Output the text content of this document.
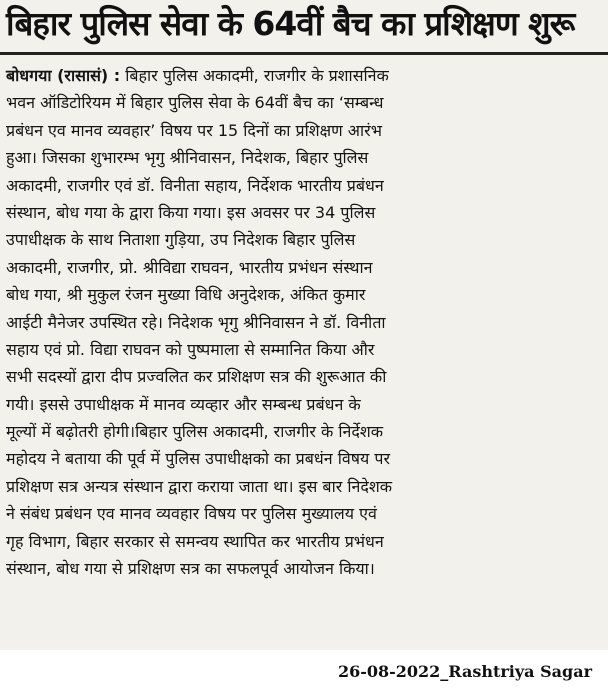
बिहार पुलिस सेवा के 64वीं बैच का प्रशिक्षण शुरू
बोधगया (रासासं) : बिहार पुलिस अकादमी, राजगीर के प्रशासनिक
भवन ऑडिटोरियम में बिहार पुलिस सेवा के 64वीं बैच का ‘सम्बन्ध
प्रबंधन एव मानव व्यवहार’ विषय पर 15 दिनों का प्रशिक्षण आरंभ
हुआ। जिसका शुभारम्भ भृगु श्रीनिवासन, निदेशक, बिहार पुलिस
अकादमी, राजगीर एवं डॉ. विनीता सहाय, निर्देशक भारतीय प्रबंधन
संस्थान, बोध गया के द्वारा किया गया। इस अवसर पर 34 पुलिस
उपाधीक्षक के साथ निताशा गुड़िया, उप निदेशक बिहार पुलिस
अकादमी, राजगीर, प्रो. श्रीविद्या राघवन, भारतीय प्रभंधन संस्थान
बोध गया, श्री मुकुल रंजन मुख्या विधि अनुदेशक, अंकित कुमार
आईटी मैनेजर उपस्थित रहे। निदेशक भृगु श्रीनिवासन ने डॉ. विनीता
सहाय एवं प्रो. विद्या राघवन को पुष्पमाला से सम्मानित किया और
सभी सदस्यों द्वारा दीप प्रज्वलित कर प्रशिक्षण सत्र की शुरूआत की
गयी। इससे उपाधीक्षक में मानव व्यव्हार और सम्बन्ध प्रबंधन के
मूल्यों में बढ़ोतरी होगी।बिहार पुलिस अकादमी, राजगीर के निर्देशक
महोदय ने बताया की पूर्व में पुलिस उपाधीक्षको का प्रबधंन विषय पर
प्रशिक्षण सत्र अन्यत्र संस्थान द्वारा कराया जाता था। इस बार निदेशक
ने संबंध प्रबंधन एव मानव व्यवहार विषय पर पुलिस मुख्यालय एवं
गृह विभाग, बिहार सरकार से समन्वय स्थापित कर भारतीय प्रभंधन
संस्थान, बोध गया से प्रशिक्षण सत्र का सफलपूर्व आयोजन किया।
26-08-2022_Rashtriya Sagar
